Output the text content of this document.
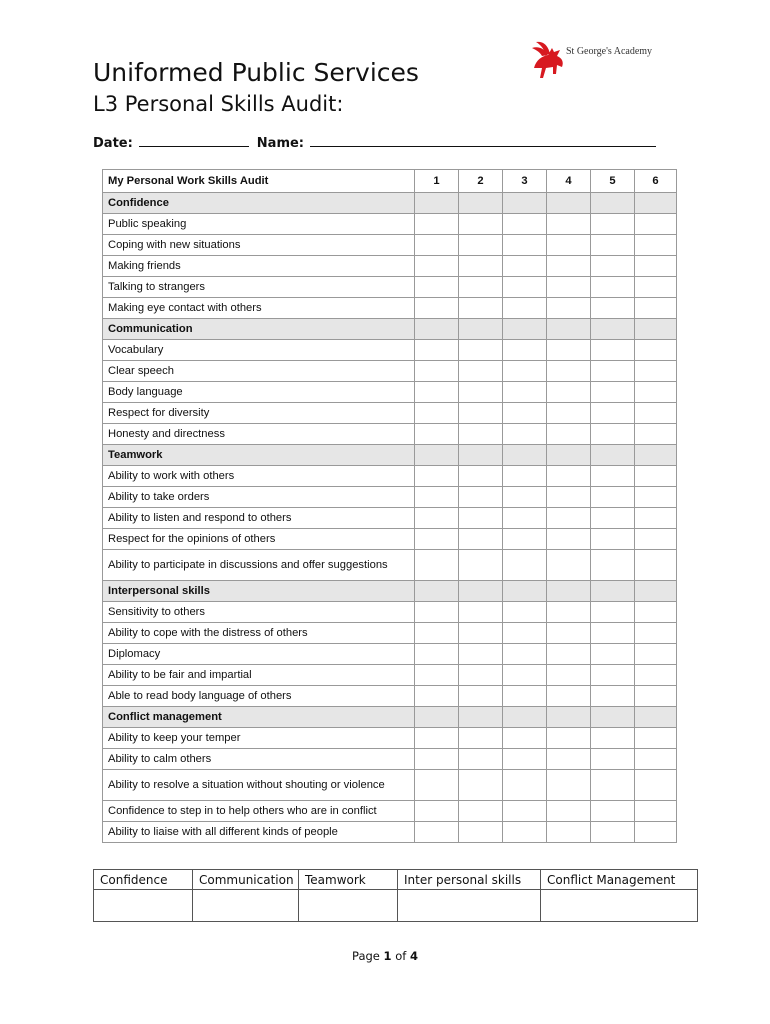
St George's Academy
Uniformed Public Services
L3 Personal Skills Audit:
Date:	Name:
My Personal Work Skills Audit	1	2	3	4	5	6
Confidence						
Public speaking						
Coping with new situations						
Making friends						
Talking to strangers						
Making eye contact with others						
Communication						
Vocabulary						
Clear speech						
Body language						
Respect for diversity						
Honesty and directness						
Teamwork						
Ability to work with others						
Ability to take orders						
Ability to listen and respond to others						
Respect for the opinions of others						
Ability to participate in discussions and offer suggestions						
Interpersonal skills						
Sensitivity to others						
Ability to cope with the distress of others						
Diplomacy						
Ability to be fair and impartial						
Able to read body language of others						
Conflict management						
Ability to keep your temper						
Ability to calm others						
Ability to resolve a situation without shouting or violence						
Confidence to step in to help others who are in conflict						
Ability to liaise with all different kinds of people						
Confidence	Communication	Teamwork	Inter personal skills	Conflict Management

Page 1 of 4
